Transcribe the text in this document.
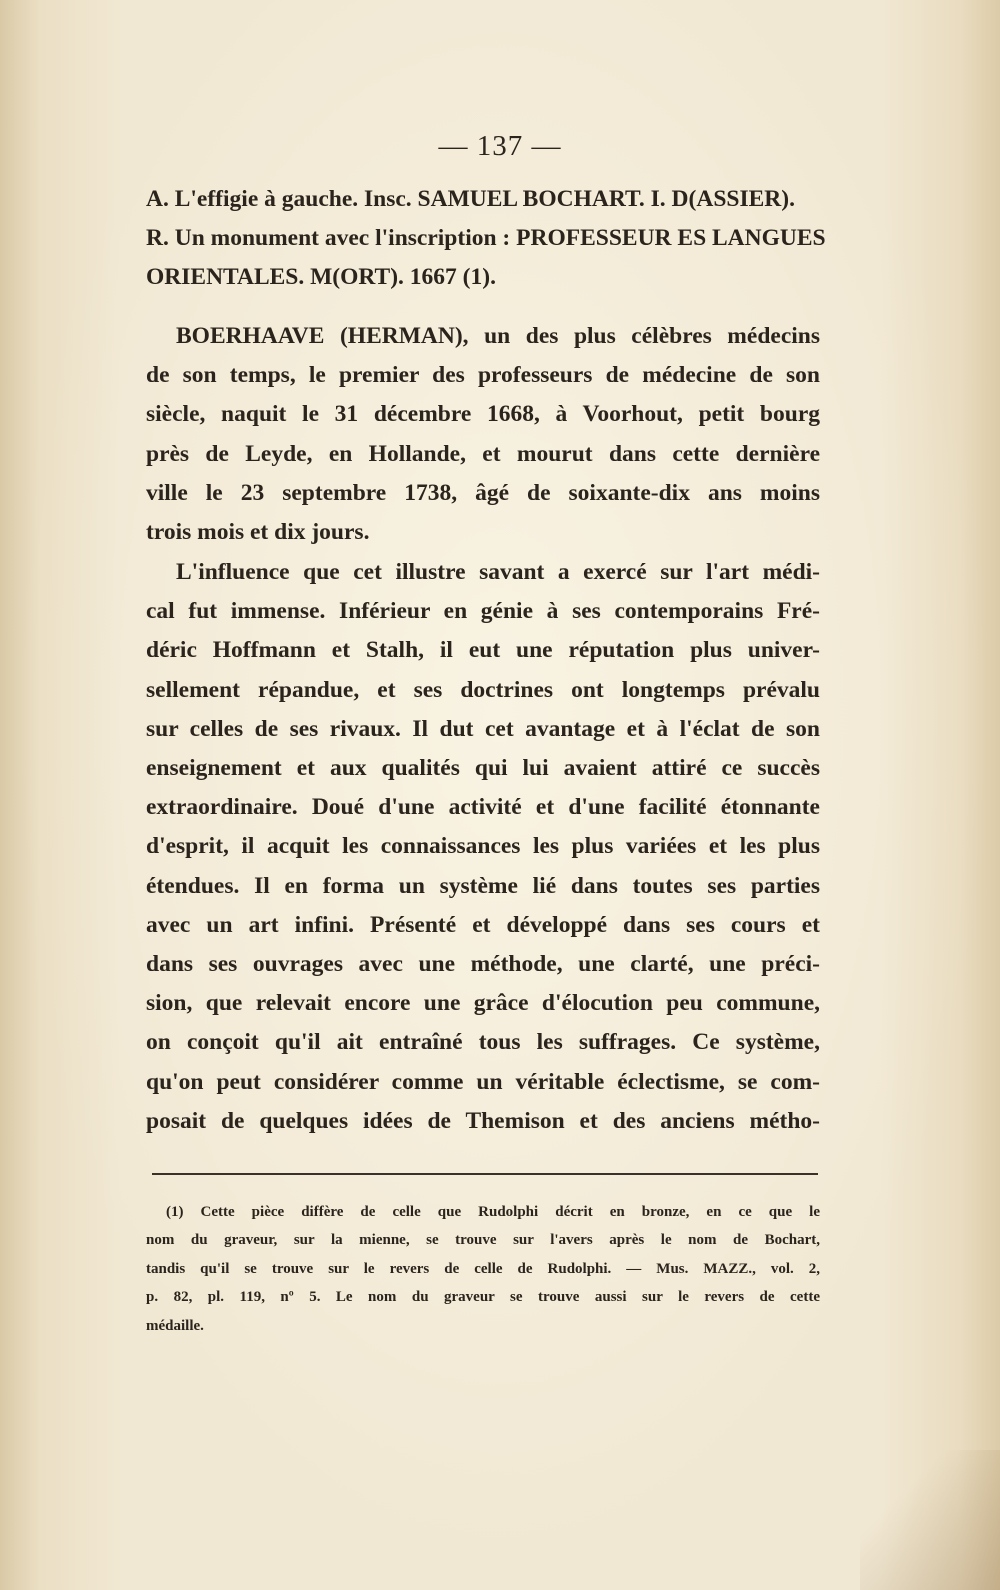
— 137 —
A. L'effigie à gauche. Insc. SAMUEL BOCHART. I. D(ASSIER).
R. Un monument avec l'inscription : PROFESSEUR ES LANGUES
ORIENTALES. M(ORT). 1667 (1).
BOERHAAVE (HERMAN), un des plus célèbres médecins
de son temps, le premier des professeurs de médecine de son
siècle, naquit le 31 décembre 1668, à Voorhout, petit bourg
près de Leyde, en Hollande, et mourut dans cette dernière
ville le 23 septembre 1738, âgé de soixante-dix ans moins
trois mois et dix jours.
L'influence que cet illustre savant a exercé sur l'art médi-
cal fut immense. Inférieur en génie à ses contemporains Fré-
déric Hoffmann et Stalh, il eut une réputation plus univer-
sellement répandue, et ses doctrines ont longtemps prévalu
sur celles de ses rivaux. Il dut cet avantage et à l'éclat de son
enseignement et aux qualités qui lui avaient attiré ce succès
extraordinaire. Doué d'une activité et d'une facilité étonnante
d'esprit, il acquit les connaissances les plus variées et les plus
étendues. Il en forma un système lié dans toutes ses parties
avec un art infini. Présenté et développé dans ses cours et
dans ses ouvrages avec une méthode, une clarté, une préci-
sion, que relevait encore une grâce d'élocution peu commune,
on conçoit qu'il ait entraîné tous les suffrages. Ce système,
qu'on peut considérer comme un véritable éclectisme, se com-
posait de quelques idées de Themison et des anciens métho-
(1) Cette pièce diffère de celle que Rudolphi décrit en bronze, en ce que le
nom du graveur, sur la mienne, se trouve sur l'avers après le nom de Bochart,
tandis qu'il se trouve sur le revers de celle de Rudolphi. — Mus. MAZZ., vol. 2,
p. 82, pl. 119, nº 5. Le nom du graveur se trouve aussi sur le revers de cette
médaille.
